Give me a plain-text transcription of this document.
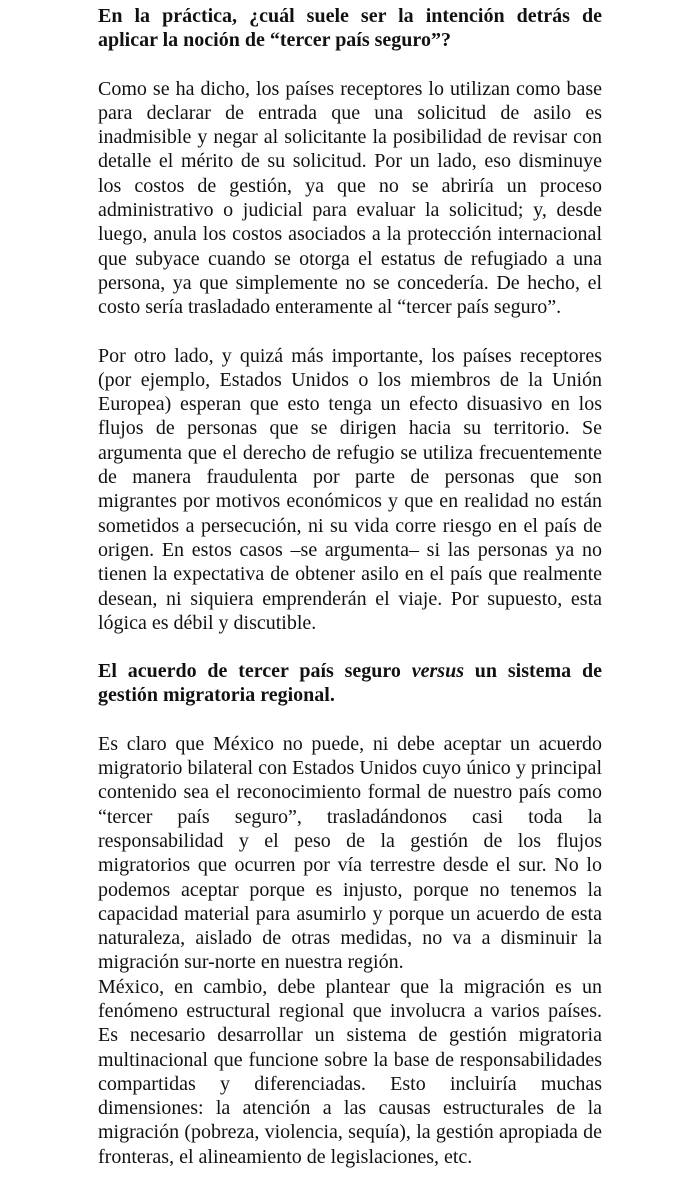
En la práctica, ¿cuál suele ser la intención detrás de aplicar la noción de “tercer país seguro”?

Como se ha dicho, los países receptores lo utilizan como base para declarar de entrada que una solicitud de asilo es inadmisible y negar al solicitante la posibilidad de revisar con detalle el mérito de su solicitud. Por un lado, eso disminuye los costos de gestión, ya que no se abriría un proceso administrativo o judicial para evaluar la solicitud; y, desde luego, anula los costos asociados a la protección internacional que subyace cuando se otorga el estatus de refugiado a una persona, ya que simplemente no se concedería. De hecho, el costo sería trasladado enteramente al “tercer país seguro”.

Por otro lado, y quizá más importante, los países receptores (por ejemplo, Estados Unidos o los miembros de la Unión Europea) esperan que esto tenga un efecto disuasivo en los flujos de personas que se dirigen hacia su territorio. Se argumenta que el derecho de refugio se utiliza frecuentemente de manera fraudulenta por parte de personas que son migrantes por motivos económicos y que en realidad no están sometidos a persecución, ni su vida corre riesgo en el país de origen. En estos casos –se argumenta– si las personas ya no tienen la expectativa de obtener asilo en el país que realmente desean, ni siquiera emprenderán el viaje. Por supuesto, esta lógica es débil y discutible.

El acuerdo de tercer país seguro versus un sistema de gestión migratoria regional.

Es claro que México no puede, ni debe aceptar un acuerdo migratorio bilateral con Estados Unidos cuyo único y principal contenido sea el reconocimiento formal de nuestro país como “tercer país seguro”, trasladándonos casi toda la responsabilidad y el peso de la gestión de los flujos migratorios que ocurren por vía terrestre desde el sur. No lo podemos aceptar porque es injusto, porque no tenemos la capacidad material para asumirlo y porque un acuerdo de esta naturaleza, aislado de otras medidas, no va a disminuir la migración sur-norte en nuestra región.

México, en cambio, debe plantear que la migración es un fenómeno estructural regional que involucra a varios países. Es necesario desarrollar un sistema de gestión migratoria multinacional que funcione sobre la base de responsabilidades compartidas y diferenciadas. Esto incluiría muchas dimensiones: la atención a las causas estructurales de la migración (pobreza, violencia, sequía), la gestión apropiada de fronteras, el alineamiento de legislaciones, etc.
